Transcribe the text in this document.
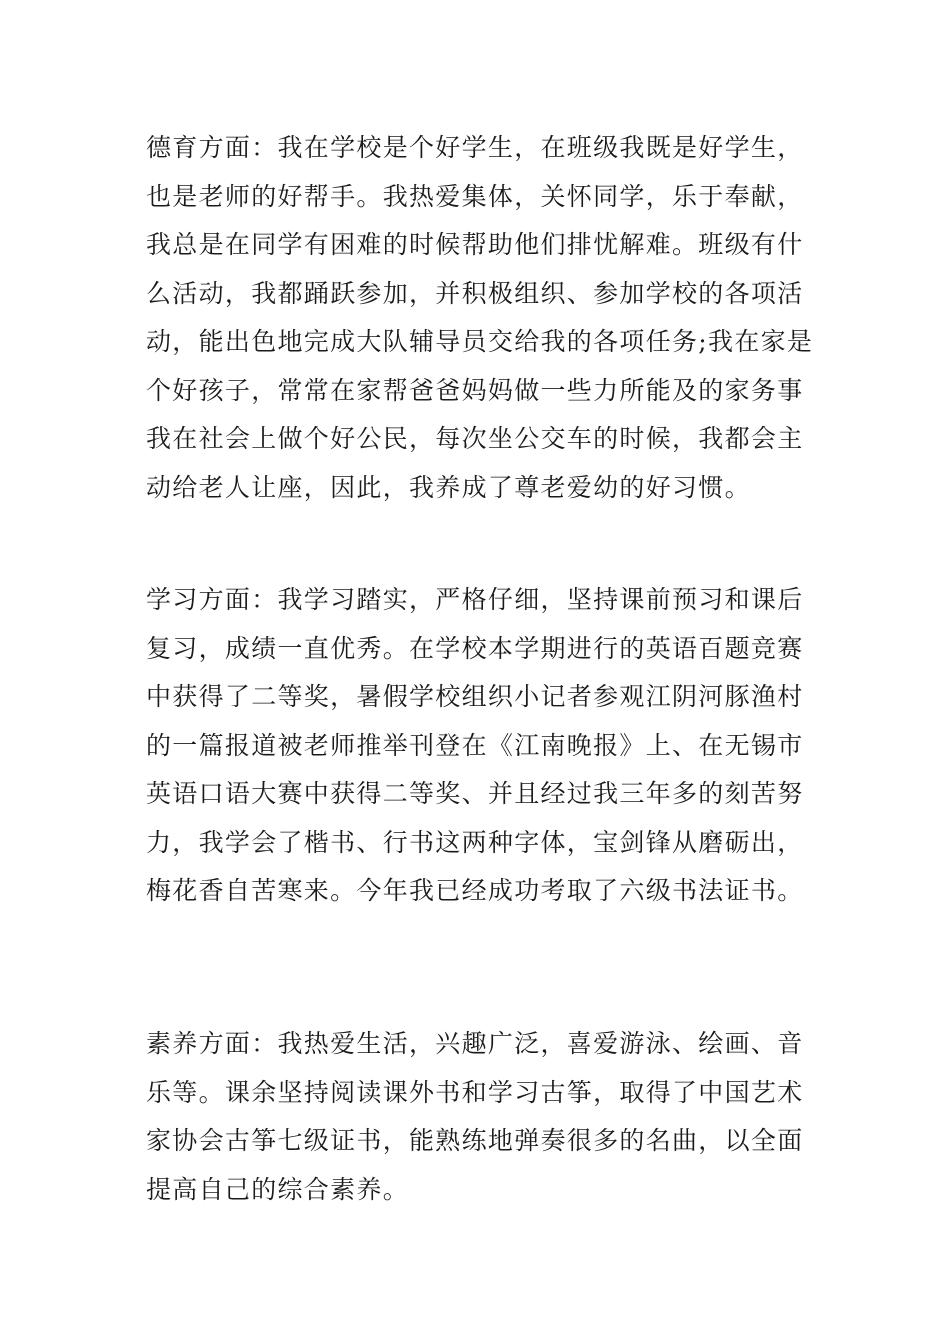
德育方面：我在学校是个好学生，在班级我既是好学生，
也是老师的好帮手。我热爱集体，关怀同学，乐于奉献，
我总是在同学有困难的时候帮助他们排忧解难。班级有什
么活动，我都踊跃参加，并积极组织、参加学校的各项活
动，能出色地完成大队辅导员交给我的各项任务;我在家是
个好孩子，常常在家帮爸爸妈妈做一些力所能及的家务事
我在社会上做个好公民，每次坐公交车的时候，我都会主
动给老人让座，因此，我养成了尊老爱幼的好习惯。
学习方面：我学习踏实，严格仔细，坚持课前预习和课后
复习，成绩一直优秀。在学校本学期进行的英语百题竞赛
中获得了二等奖，暑假学校组织小记者参观江阴河豚渔村
的一篇报道被老师推举刊登在《江南晚报》上、在无锡市
英语口语大赛中获得二等奖、并且经过我三年多的刻苦努
力，我学会了楷书、行书这两种字体，宝剑锋从磨砺出，
梅花香自苦寒来。今年我已经成功考取了六级书法证书。
素养方面：我热爱生活，兴趣广泛，喜爱游泳、绘画、音
乐等。课余坚持阅读课外书和学习古筝，取得了中国艺术
家协会古筝七级证书，能熟练地弹奏很多的名曲，以全面
提高自己的综合素养。
